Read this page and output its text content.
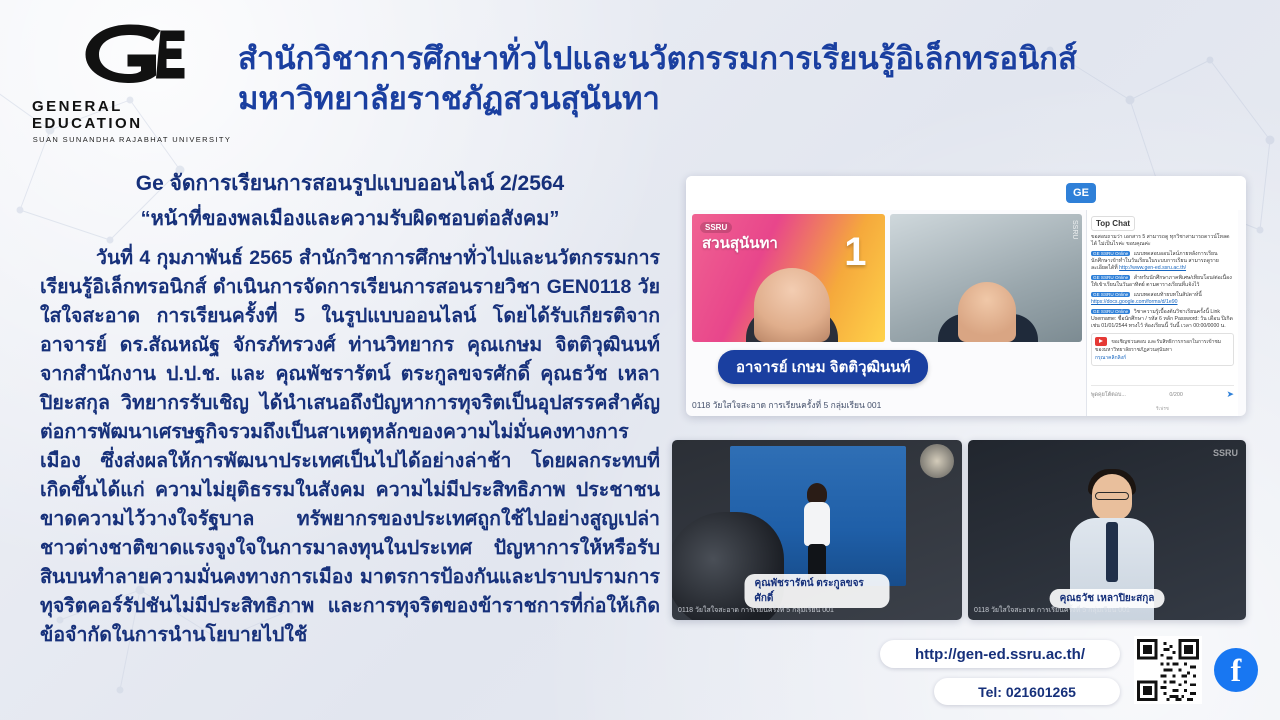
GENERAL EDUCATION
SUAN SUNANDHA RAJABHAT UNIVERSITY
สำนักวิชาการศึกษาทั่วไปและนวัตกรรมการเรียนรู้อิเล็กทรอนิกส์
มหาวิทยาลัยราชภัฏสวนสุนันทา
Ge จัดการเรียนการสอนรูปแบบออนไลน์ 2/2564
“หน้าที่ของพลเมืองและความรับผิดชอบต่อสังคม”
วันที่ 4 กุมภาพันธ์ 2565 สำนักวิชาการศึกษาทั่วไปและนวัตกรรมการเรียนรู้อิเล็กทรอนิกส์ ดำเนินการจัดการเรียนการสอนรายวิชา GEN0118 วัยใสใจสะอาด การเรียนครั้งที่ 5 ในรูปแบบออนไลน์ โดยได้รับเกียรติจาก อาจารย์ ดร.สัณหณัฐ จักรภัทรวงศ์ ท่านวิทยากร คุณเกษม จิตติวุฒินนท์ จากสำนักงาน ป.ป.ช. และ คุณพัชรารัตน์ ตระกูลขจรศักดิ์ คุณธวัช เหลาปิยะสกุล วิทยากรรับเชิญ ได้นำเสนอถึงปัญหาการทุจริตเป็นอุปสรรคสำคัญต่อการพัฒนาเศรษฐกิจรวมถึงเป็นสาเหตุหลักของความไม่มั่นคงทางการเมือง ซึ่งส่งผลให้การพัฒนาประเทศเป็นไปได้อย่างล่าช้า โดยผลกระทบที่เกิดขึ้นได้แก่ ความไม่ยุติธรรมในสังคม ความไม่มีประสิทธิภาพ ประชาชนขาดความไว้วางใจรัฐบาล ทรัพยากรของประเทศถูกใช้ไปอย่างสูญเปล่า ชาวต่างชาติขาดแรงจูงใจในการมาลงทุนในประเทศ ปัญหาการให้หรือรับสินบนทำลายความมั่นคงทางการเมือง มาตรการป้องกันและปราบปรามการทุจริตคอร์รัปชันไม่มีประสิทธิภาพ และการทุจริตของข้าราชการที่ก่อให้เกิดข้อจำกัดในการนำนโยบายไปใช้
GE
SSRU
สวนสุนันทา 1
SSRU
อาจารย์ เกษม จิตติวุฒินนท์
Top Chat
ขอสอบถามว่า เอกสาร 5 สามารถดู ทุกวิชาสามารถดาวน์โหลดได้ ไม่เป็นไรค่ะ ขอบคุณค่ะ
GE SSRU Online แบบทดสอบออนไลน์ภายหลังการเรียน นักศึกษาเข้าทำในวันเรียนในระบบการเรียน สามารถดูรายละเอียดได้ที่ http://www.gen-ed.ssru.ac.th/
GE SSRU Online สำหรับนักศึกษาภาคพิเศษ/เทียบโอน/ต่อเนื่อง ให้เข้าเรียนในวันอาทิตย์ ตามตารางเรียนที่แจ้งไว้
GE SSRU Online แบบทดสอบท้ายบทในสัปดาห์นี้ https://docs.google.com/forms/d/1e90
GE SSRU Online วิชาความรู้เบื้องต้นวิชาเรียนครั้งนี้ Link Username: ชื่อนักศึกษา / รหัส 6 หลัก Password: วัน เดือน ปีเกิด เช่น 01/01/2544 ทรงไว้ ห้องเรียนนี้ วันนี้ เวลา 00:00/0000 น.
ขอเชิญชวนตอบ และรับสิทธิการกรอกในการเข้าชม
ของมหาวิทยาลัยราชภัฏสวนสุนันทา
กรุณาคลิกลิงก์
พูดคุยโต้ตอบ...	0/200	➤
รีเฟรช
0118 วัยใสใจสะอาด การเรียนครั้งที่ 5 กลุ่มเรียน 001
คุณพัชรารัตน์ ตระกูลขจรศักดิ์
0118 วัยใสใจสะอาด การเรียนครั้งที่ 5 กลุ่มเรียน 001
SSRU
คุณธวัช เหลาปิยะสกุล
0118 วัยใสใจสะอาด การเรียนครั้งที่ 5 กลุ่มเรียน 001
http://gen-ed.ssru.ac.th/
Tel: 021601265
f
